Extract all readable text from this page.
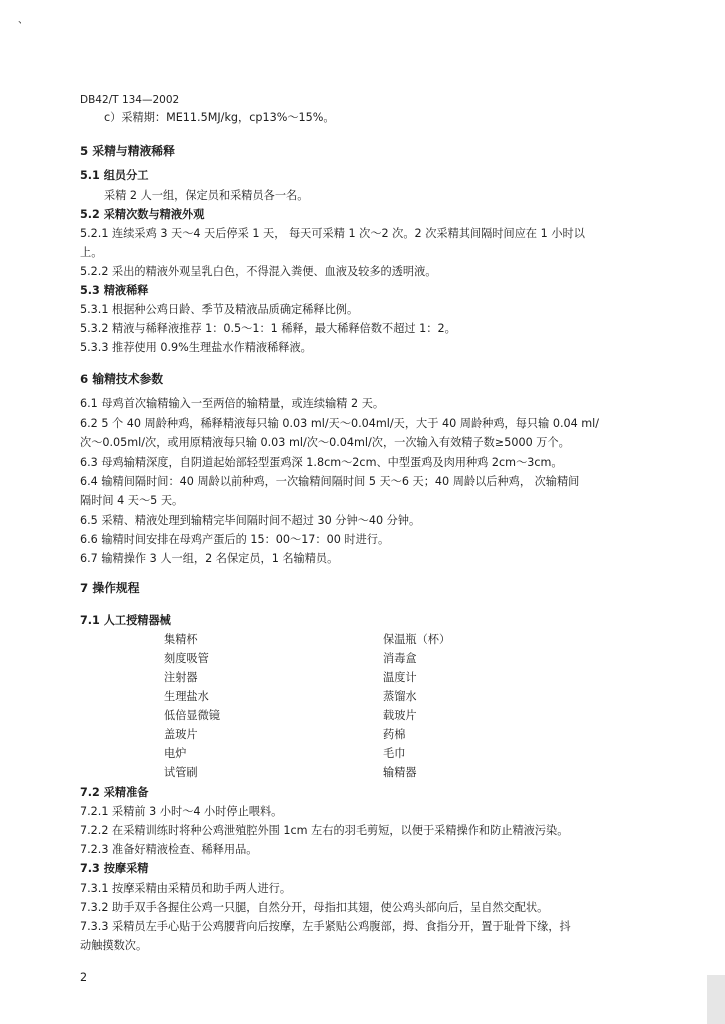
、
DB42/T 134—2002
c）采精期：ME11.5MJ/kg，cp13%～15%。
5 采精与精液稀释
5.1 组员分工
采精 2 人一组，保定员和采精员各一名。
5.2 采精次数与精液外观
5.2.1 连续采鸡 3 天～4 天后停采 1 天， 每天可采精 1 次～2 次。2 次采精其间隔时间应在 1 小时以
上。
5.2.2 采出的精液外观呈乳白色，不得混入粪便、血液及较多的透明液。
5.3 精液稀释
5.3.1 根据种公鸡日龄、季节及精液品质确定稀释比例。
5.3.2 精液与稀释液推荐 1：0.5～1：1 稀释，最大稀释倍数不超过 1：2。
5.3.3 推荐使用 0.9%生理盐水作精液稀释液。
6 输精技术参数
6.1 母鸡首次输精输入一至两倍的输精量，或连续输精 2 天。
6.2 5 个 40 周龄种鸡，稀释精液每只输 0.03 ml/天～0.04ml/天，大于 40 周龄种鸡，每只输 0.04 ml/
次～0.05ml/次，或用原精液每只输 0.03 ml/次～0.04ml/次，一次输入有效精子数≥5000 万个。
6.3 母鸡输精深度，自阴道起始部轻型蛋鸡深 1.8cm～2cm、中型蛋鸡及肉用种鸡 2cm～3cm。
6.4 输精间隔时间：40 周龄以前种鸡，一次输精间隔时间 5 天～6 天；40 周龄以后种鸡， 次输精间
隔时间 4 天～5 天。
6.5 采精、精液处理到输精完毕间隔时间不超过 30 分钟～40 分钟。
6.6 输精时间安排在母鸡产蛋后的 15：00～17：00 时进行。
6.7 输精操作 3 人一组，2 名保定员，1 名输精员。
7 操作规程
7.1 人工授精器械
集精杯	保温瓶（杯）
刻度吸管	消毒盒
注射器	温度计
生理盐水	蒸馏水
低倍显微镜	载玻片
盖玻片	药棉
电炉	毛巾
试管刷	输精器
7.2 采精准备
7.2.1 采精前 3 小时～4 小时停止喂料。
7.2.2 在采精训练时将种公鸡泄殖腔外围 1cm 左右的羽毛剪短，以便于采精操作和防止精液污染。
7.2.3 准备好精液检查、稀释用品。
7.3 按摩采精
7.3.1 按摩采精由采精员和助手两人进行。
7.3.2 助手双手各握住公鸡一只腿，自然分开，母指扣其翅，使公鸡头部向后，呈自然交配状。
7.3.3 采精员左手心贴于公鸡腰背向后按摩，左手紧贴公鸡腹部，拇、食指分开，置于耻骨下缘，抖
动触摸数次。
2
